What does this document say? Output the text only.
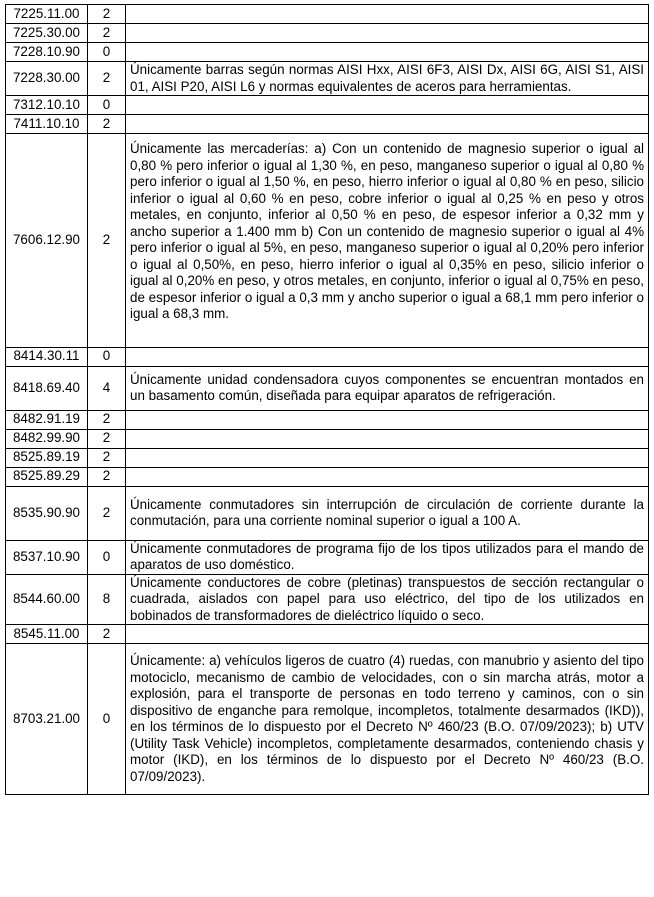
7225.11.00	2	
7225.30.00	2	
7228.10.90	0	
7228.30.00	2	Únicamente barras según normas AISI Hxx, AISI 6F3, AISI Dx, AISI 6G, AISI S1, AISI 01, AISI P20, AISI L6 y normas equivalentes de aceros para herramientas.
7312.10.10	0	
7411.10.10	2	
7606.12.90	2	Únicamente las mercaderías: a) Con un contenido de magnesio superior o igual al 0,80 % pero inferior o igual al 1,30 %, en peso, manganeso superior o igual al 0,80 % pero inferior o igual al 1,50 %, en peso, hierro inferior o igual al 0,80 % en peso, silicio inferior o igual al 0,60 % en peso, cobre inferior o igual al 0,25 % en peso y otros metales, en conjunto, inferior al 0,50 % en peso, de espesor inferior a 0,32 mm y ancho superior a 1.400 mm b) Con un contenido de magnesio superior o igual al 4% pero inferior o igual al 5%, en peso, manganeso superior o igual al 0,20% pero inferior o igual al 0,50%, en peso, hierro inferior o igual al 0,35% en peso, silicio inferior o igual al 0,20% en peso, y otros metales, en conjunto, inferior o igual al 0,75% en peso, de espesor inferior o igual a 0,3 mm y ancho superior o igual a 68,1 mm pero inferior o igual a 68,3 mm.
8414.30.11	0	
8418.69.40	4	Únicamente unidad condensadora cuyos componentes se encuentran montados en un basamento común, diseñada para equipar aparatos de refrigeración.
8482.91.19	2	
8482.99.90	2	
8525.89.19	2	
8525.89.29	2	
8535.90.90	2	Únicamente conmutadores sin interrupción de circulación de corriente durante la conmutación, para una corriente nominal superior o igual a 100 A.
8537.10.90	0	Únicamente conmutadores de programa fijo de los tipos utilizados para el mando de aparatos de uso doméstico.
8544.60.00	8	Únicamente conductores de cobre (pletinas) transpuestos de sección rectangular o cuadrada, aislados con papel para uso eléctrico, del tipo de los utilizados en bobinados de transformadores de dieléctrico líquido o seco.
8545.11.00	2	
8703.21.00	0	Únicamente: a) vehículos ligeros de cuatro (4) ruedas, con manubrio y asiento del tipo motociclo, mecanismo de cambio de velocidades, con o sin marcha atrás, motor a explosión, para el transporte de personas en todo terreno y caminos, con o sin dispositivo de enganche para remolque, incompletos, totalmente desarmados (IKD)), en los términos de lo dispuesto por el Decreto Nº 460/23 (B.O. 07/09/2023); b) UTV (Utility Task Vehicle) incompletos, completamente desarmados, conteniendo chasis y motor (IKD), en los términos de lo dispuesto por el Decreto Nº 460/23 (B.O. 07/09/2023).
